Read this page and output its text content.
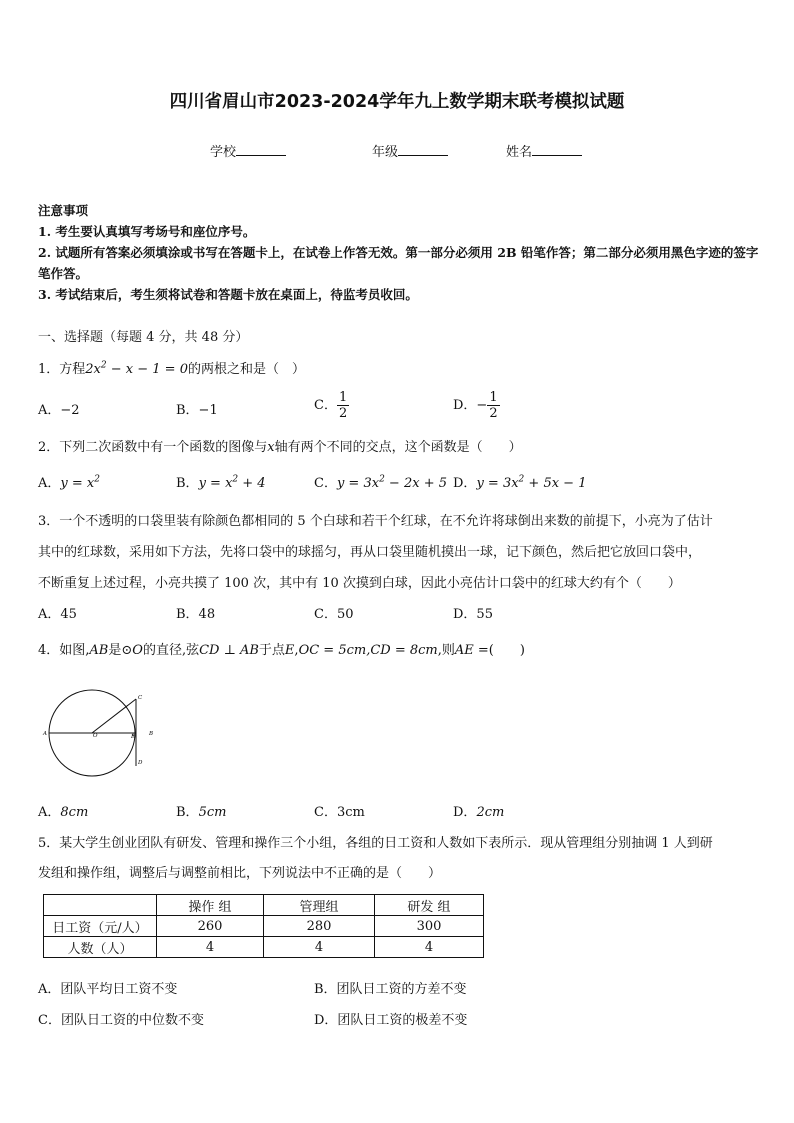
四川省眉山市2023-2024学年九上数学期末联考模拟试题
学校	年级	姓名
注意事项
1. 考生要认真填写考场号和座位序号。
2. 试题所有答案必须填涂或书写在答题卡上，在试卷上作答无效。第一部分必须用 2B 铅笔作答；第二部分必须用黑色字迹的签字笔作答。
3. 考试结束后，考生须将试卷和答题卡放在桌面上，待监考员收回。
一、选择题（每题 4 分，共 48 分）
1．方程$2x^2 - x - 1 = 0$的两根之和是（　）
A．−2	B．−1	C． $\frac{1}{2}$	D．− $\frac{1}{2}$
2．下列二次函数中有一个函数的图像与x轴有两个不同的交点，这个函数是（　　）
A．$y = x^2$	B．$y = x^2 + 4$	C．$y = 3x^2 - 2x + 5$ D．$y = 3x^2 + 5x - 1$
3．一个不透明的口袋里装有除颜色都相同的 5 个白球和若干个红球，在不允许将球倒出来数的前提下，小亮为了估计
其中的红球数，采用如下方法，先将口袋中的球摇匀，再从口袋里随机摸出一球，记下颜色，然后把它放回口袋中，
不断重复上述过程，小亮共摸了 100 次，其中有 10 次摸到白球，因此小亮估计口袋中的红球大约有个（　　）
A．45	B．48	C．50	D．55
4．如图,AB是⊙O的直径,弦CD ⊥ AB于点E,OC = 5cm,CD = 8cm,则AE =(　　)
A	O	E	B
C
D
A．8cm	B．5cm	C．3cm	D．2cm
5．某大学生创业团队有研发、管理和操作三个小组，各组的日工资和人数如下表所示．现从管理组分别抽调 1 人到研
发组和操作组，调整后与调整前相比，下列说法中不正确的是（　　）
	操作 组	管理组	研发 组
日工资（元/人）	260	280	300
人数（人）	4	4	4
A．团队平均日工资不变	B．团队日工资的方差不变
C．团队日工资的中位数不变	D．团队日工资的极差不变
